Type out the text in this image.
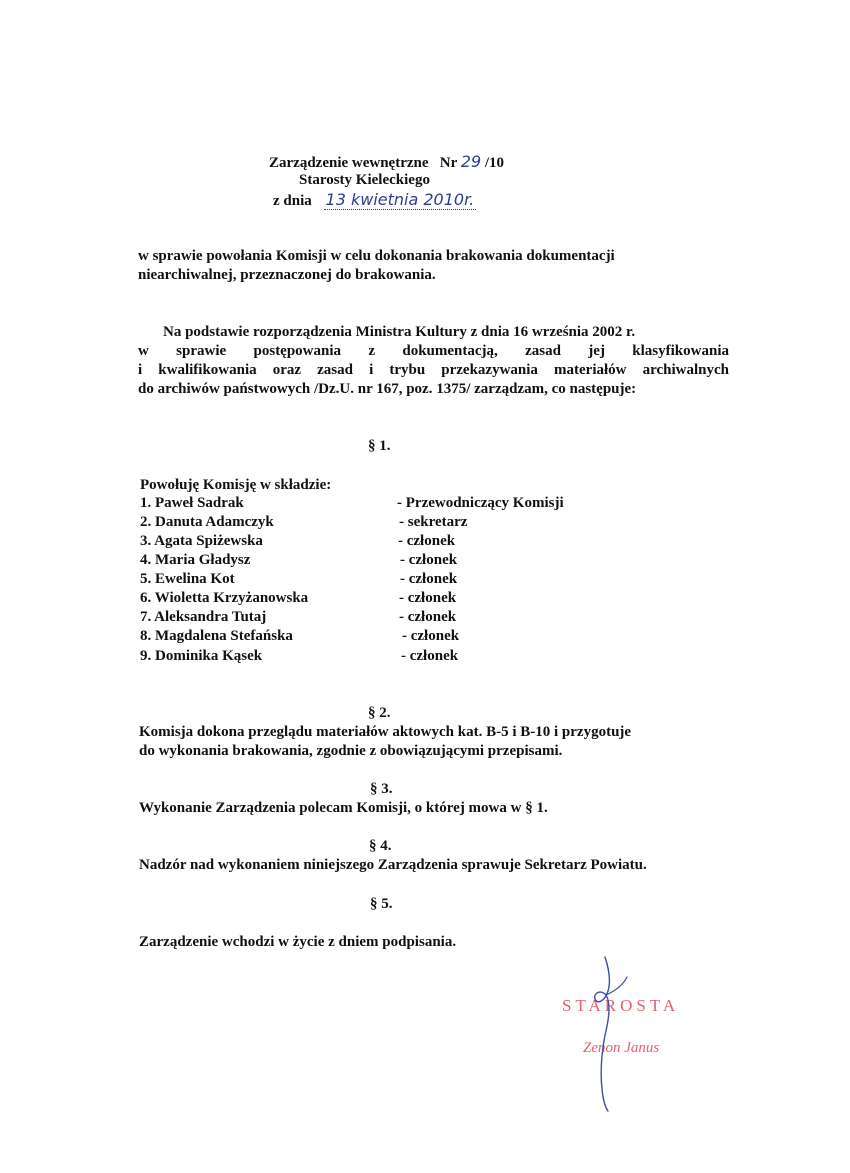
Zarządzenie wewnętrzne Nr 29 /10
Starosty Kieleckiego
z dnia 13 kwietnia 2010r.
w sprawie powołania Komisji w celu dokonania brakowania dokumentacji
niearchiwalnej, przeznaczonej do brakowania.
Na podstawie rozporządzenia Ministra Kultury z dnia 16 września 2002 r.
w sprawie postępowania z dokumentacją, zasad jej klasyfikowania
i kwalifikowania oraz zasad i trybu przekazywania materiałów archiwalnych
do archiwów państwowych /Dz.U. nr 167, poz. 1375/ zarządzam, co następuje:
§ 1.
Powołuję Komisję w składzie:
1. Paweł Sadrak	- Przewodniczący Komisji
2. Danuta Adamczyk	- sekretarz
3. Agata Spiżewska	- członek
4. Maria Gładysz	- członek
5. Ewelina Kot	- członek
6. Wioletta Krzyżanowska	- członek
7. Aleksandra Tutaj	- członek
8. Magdalena Stefańska	- członek
9. Dominika Kąsek	- członek
§ 2.
Komisja dokona przeglądu materiałów aktowych kat. B-5 i B-10 i przygotuje
do wykonania brakowania, zgodnie z obowiązującymi przepisami.
§ 3.
Wykonanie Zarządzenia polecam Komisji, o której mowa w § 1.
§ 4.
Nadzór nad wykonaniem niniejszego Zarządzenia sprawuje Sekretarz Powiatu.
§ 5.
Zarządzenie wchodzi w życie z dniem podpisania.
STAROSTA
Zenon Janus
